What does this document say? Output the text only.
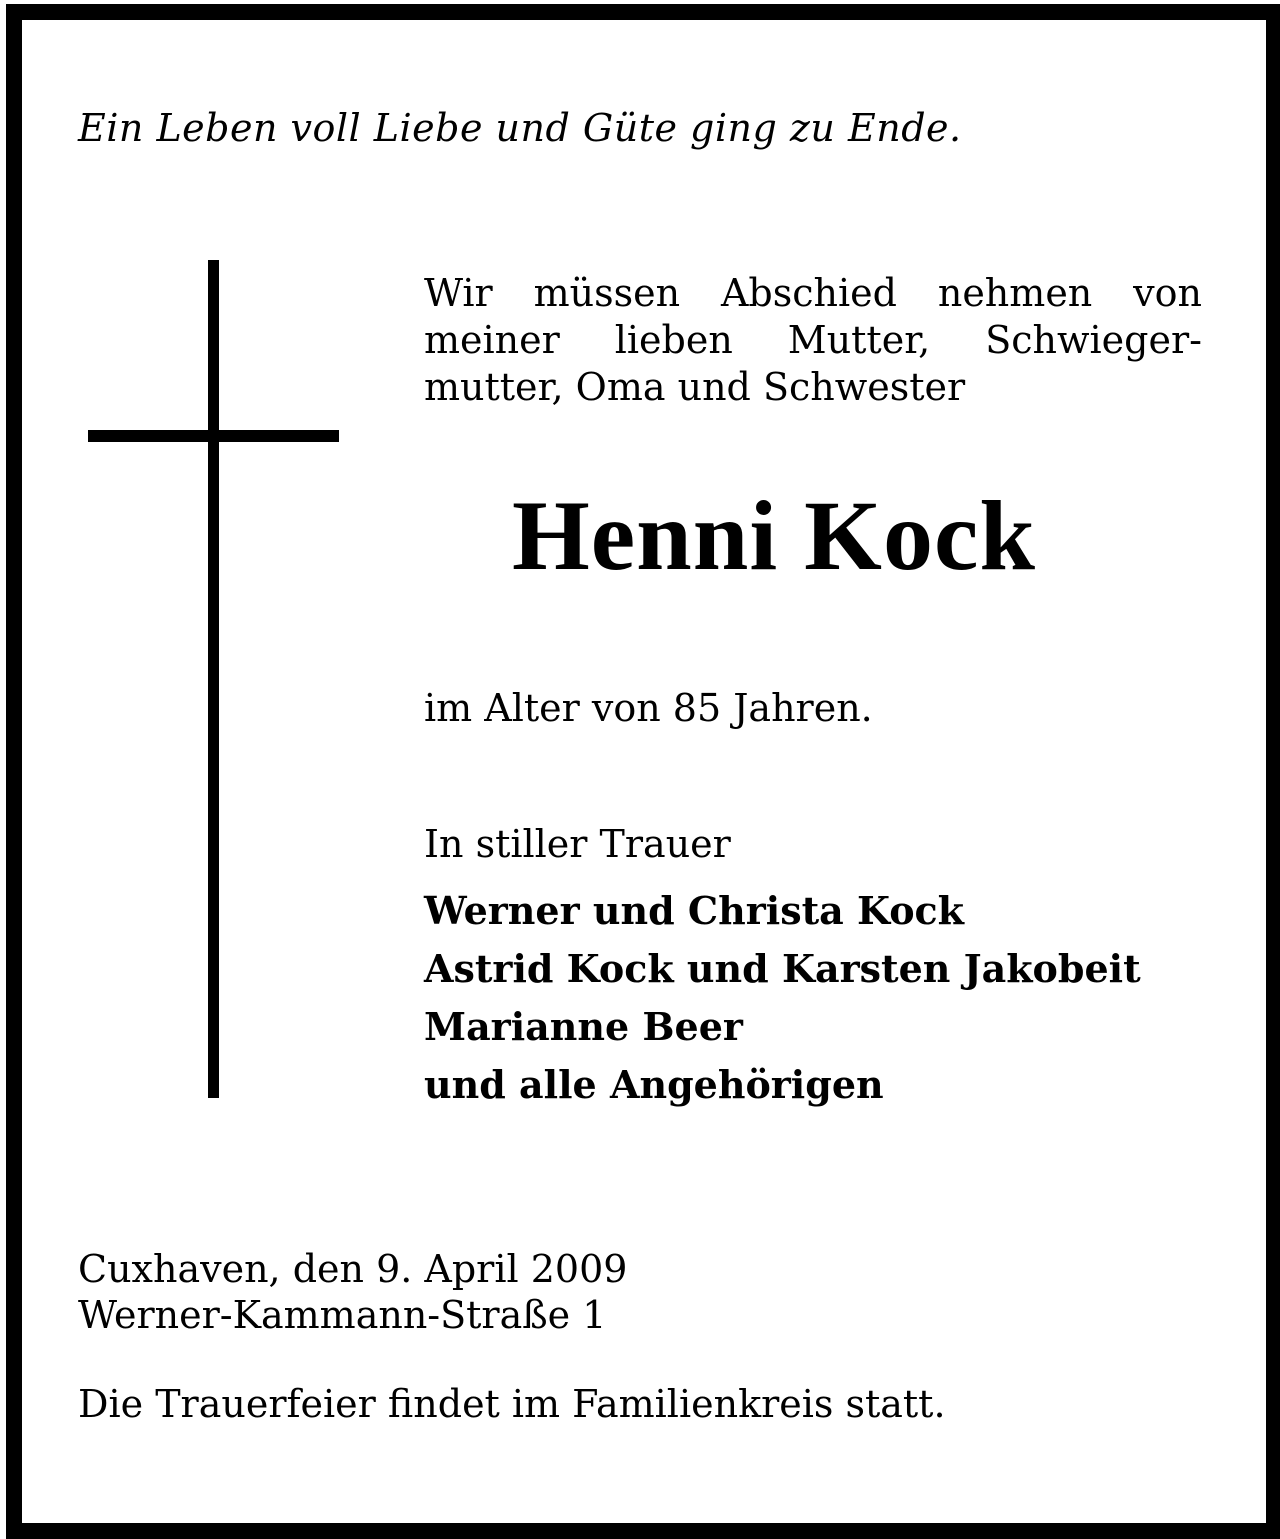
Ein Leben voll Liebe und Güte ging zu Ende.

Wir müssen Abschied nehmen von
meiner lieben Mutter, Schwieger-
mutter, Oma und Schwester

Henni Kock

im Alter von 85 Jahren.

In stiller Trauer

Werner und Christa Kock
Astrid Kock und Karsten Jakobeit
Marianne Beer
und alle Angehörigen

Cuxhaven, den 9. April 2009
Werner-Kammann-Straße 1

Die Trauerfeier findet im Familienkreis statt.
